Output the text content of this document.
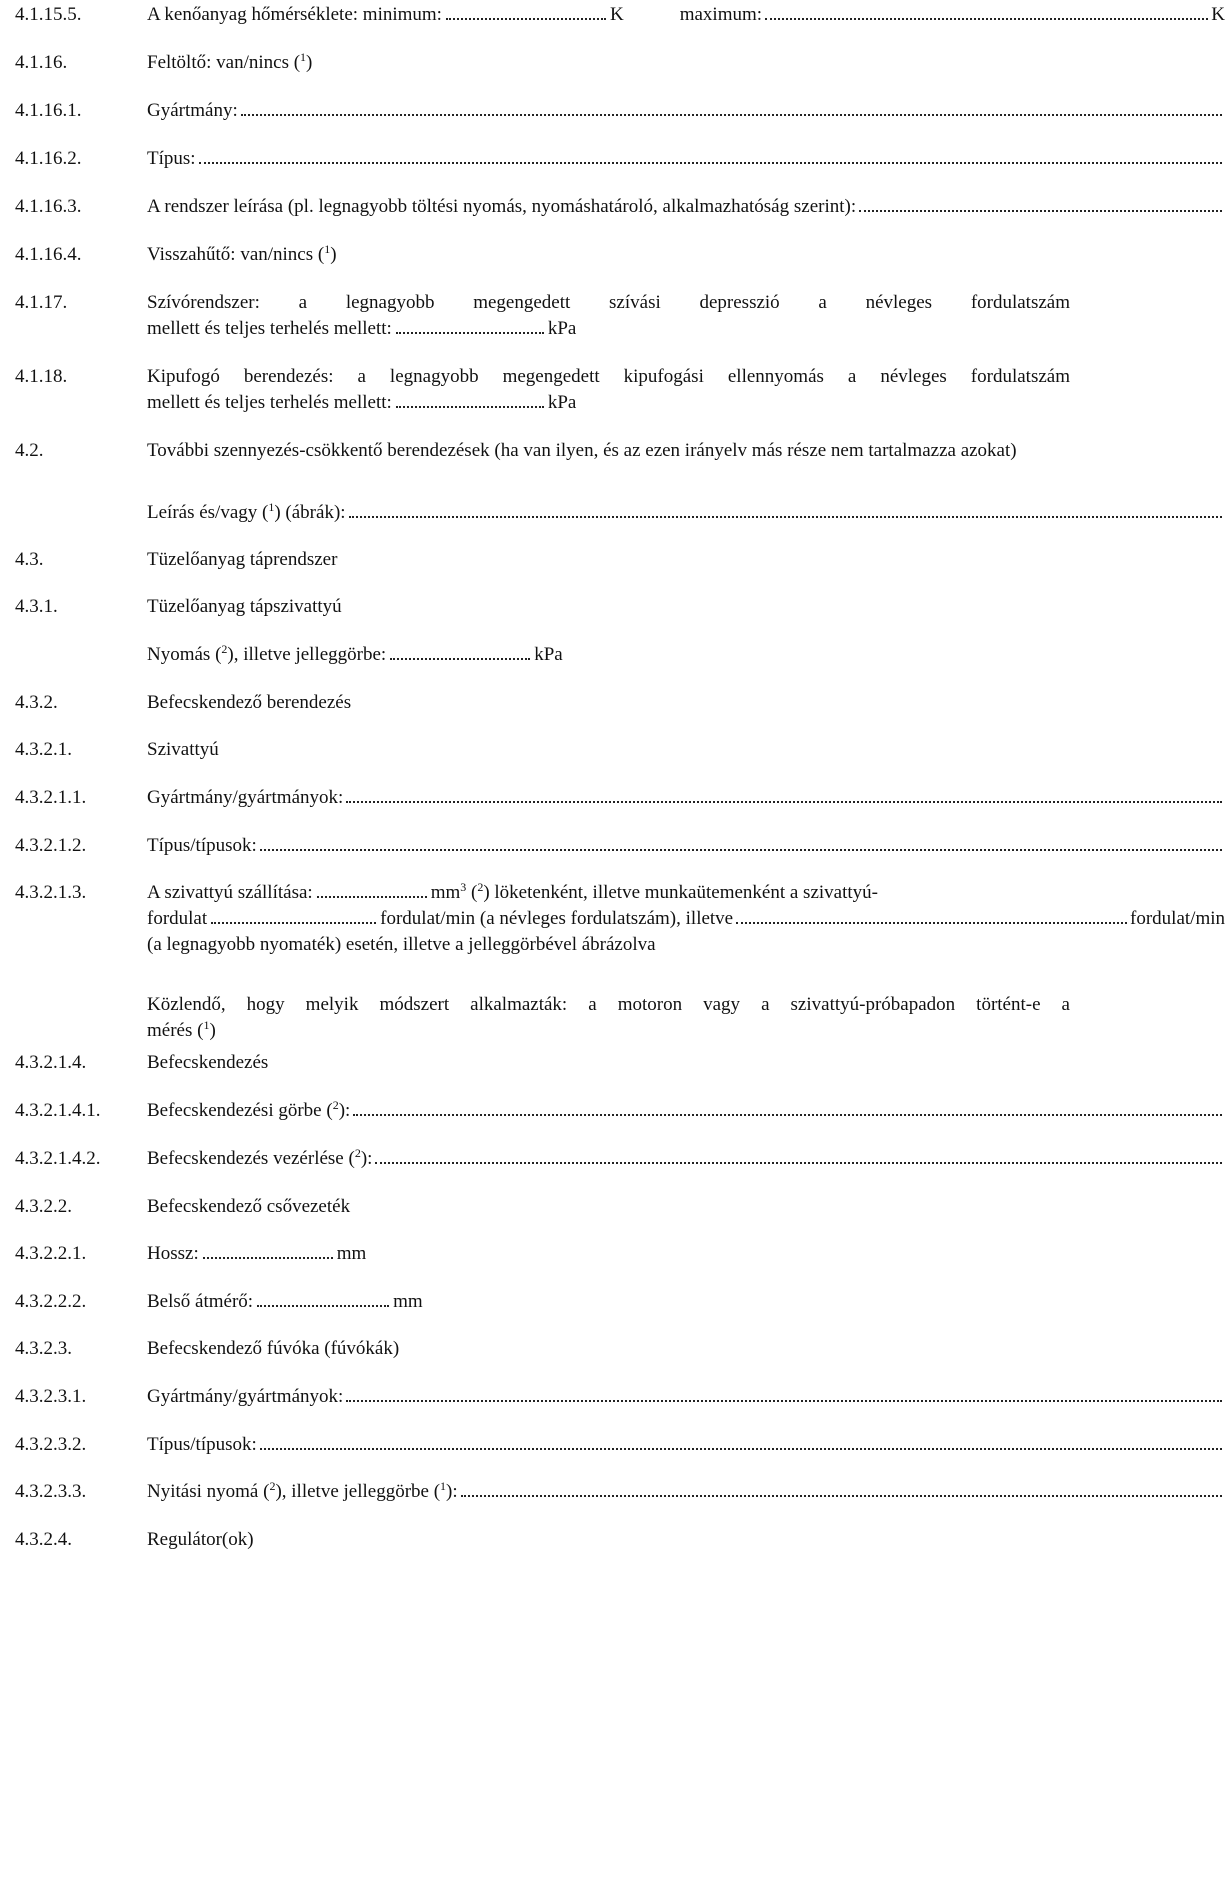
4.1.15.5.	A kenőanyag hőmérséklete: minimum:	K	maximum:	K
4.1.16.	Feltöltő: van/nincs ($^1$)
4.1.16.1.	Gyártmány:
4.1.16.2.	Típus:
4.1.16.3.	A rendszer leírása (pl. legnagyobb töltési nyomás, nyomáshatároló, alkalmazhatóság szerint):
4.1.16.4.	Visszahűtő: van/nincs ($^1$)
4.1.17.	Szívórendszer: a legnagyobb megengedett szívási depresszió a névleges fordulatszám
mellett és teljes terhelés mellett:	kPa
4.1.18.	Kipufogó berendezés: a legnagyobb megengedett kipufogási ellennyomás a névleges fordulatszám
mellett és teljes terhelés mellett:	kPa
4.2.	További szennyezés-csökkentő berendezések (ha van ilyen, és az ezen irányelv más része nem tartalmazza azokat)
Leírás és/vagy ($^1$) (ábrák):
4.3.	Tüzelőanyag táprendszer
4.3.1.	Tüzelőanyag tápszivattyú
Nyomás ($^2$), illetve jelleggörbe:	kPa
4.3.2.	Befecskendező berendezés
4.3.2.1.	Szivattyú
4.3.2.1.1.	Gyártmány/gyártmányok:
4.3.2.1.2.	Típus/típusok:
4.3.2.1.3.	A szivattyú szállítása:	$mm^3$ ($^2$) löketenként, illetve munkaütemenként a szivattyú-
fordulat	fordulat/min (a névleges fordulatszám), illetve	fordulat/min
(a legnagyobb nyomaték) esetén, illetve a jelleggörbével ábrázolva
Közlendő, hogy melyik módszert alkalmazták: a motoron vagy a szivattyú-próbapadon történt-e a
mérés ($^1$)
4.3.2.1.4.	Befecskendezés
4.3.2.1.4.1. Befecskendezési görbe ($^2$):
4.3.2.1.4.2. Befecskendezés vezérlése ($^2$):
4.3.2.2.	Befecskendező csővezeték
4.3.2.2.1.	Hossz:	mm
4.3.2.2.2.	Belső átmérő:	mm
4.3.2.3.	Befecskendező fúvóka (fúvókák)
4.3.2.3.1.	Gyártmány/gyártmányok:
4.3.2.3.2.	Típus/típusok:
4.3.2.3.3.	Nyitási nyomá ($^2$), illetve jelleggörbe ($^1$):
4.3.2.4.	Regulátor(ok)
